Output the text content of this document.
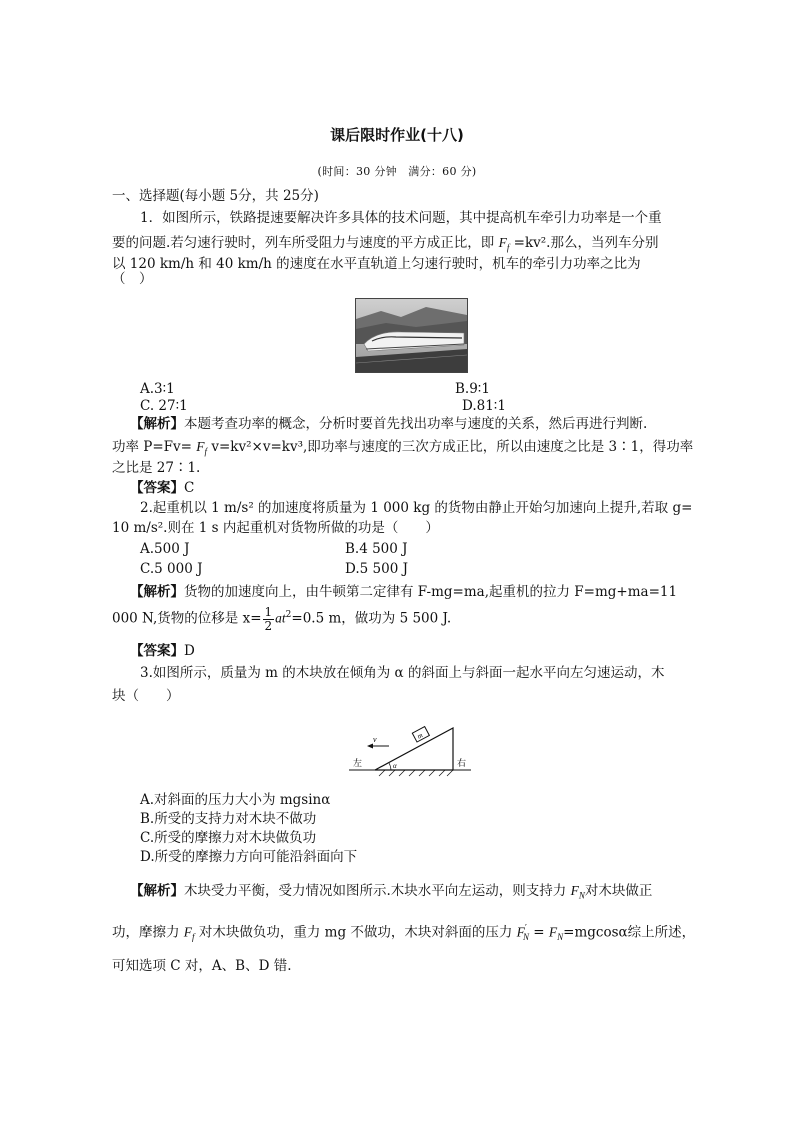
课后限时作业(十八)
(时间：30 分钟　满分：60 分)
一、选择题(每小题 5分，共 25分)
1．如图所示，铁路提速要解决许多具体的技术问题，其中提高机车牵引力功率是一个重
要的问题.若匀速行驶时，列车所受阻力与速度的平方成正比，即 $F_f =kv^2$.那么，当列车分别
以 120 km/h 和 40 km/h 的速度在水平直轨道上匀速行驶时，机车的牵引力功率之比为
（　）
A.3∶1	B.9∶1
C. 27∶1	D.81∶1
【解析】本题考查功率的概念，分析时要首先找出功率与速度的关系，然后再进行判断.
功率 $P=Fv= F_f$ v=kv²×v=kv³,即功率与速度的三次方成正比，所以由速度之比是 3∶1，得功率
之比是 27∶1.
【答案】C
2.起重机以 1 m/s² 的加速度将质量为 1 000 kg 的货物由静止开始匀加速向上提升,若取 g=
10 m/s².则在 1 s 内起重机对货物所做的功是（　　）
A.500 J	B.4 500 J
C.5 000 J	D.5 500 J
【解析】货物的加速度向上，由牛顿第二定律有 F-mg=ma,起重机的拉力 F=mg+ma=11
000 N,货物的位移是 $x= \frac{1}{2} at^2=0.5$ m，做功为 5 500 J.
【答案】D
3.如图所示，质量为 m 的木块放在倾角为 α 的斜面上与斜面一起水平向左匀速运动，木
块（　　）
m
v
α
左	右
A.对斜面的压力大小为 mgsinα
B.所受的支持力对木块不做功
C.所受的摩擦力对木块做负功
D.所受的摩擦力方向可能沿斜面向下
【解析】木块受力平衡，受力情况如图所示.木块水平向左运动，则支持力 $F_N$对木块做正
功，摩擦力 $F_f$ 对木块做负功，重力 mg 不做功，木块对斜面的压力 $F'_N = F_N=mgcos\alpha$综上所述，
可知选项 C 对，A、B、D 错.
